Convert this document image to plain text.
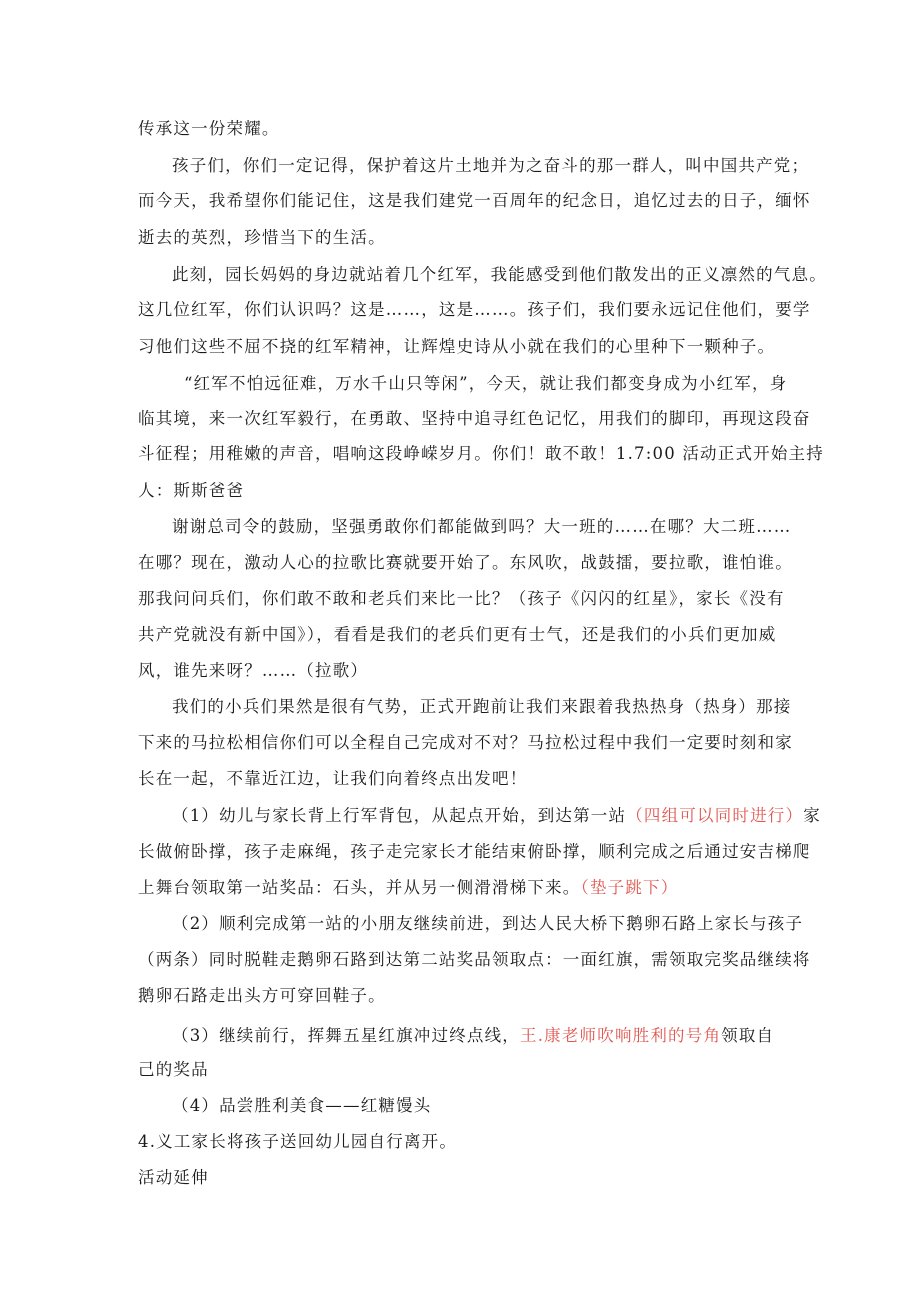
传承这一份荣耀。
孩子们，你们一定记得，保护着这片土地并为之奋斗的那一群人，叫中国共产党；
而今天，我希望你们能记住，这是我们建党一百周年的纪念日，追忆过去的日子，缅怀
逝去的英烈，珍惜当下的生活。
此刻，园长妈妈的身边就站着几个红军，我能感受到他们散发出的正义凛然的气息。
这几位红军，你们认识吗？这是……，这是……。孩子们，我们要永远记住他们，要学
习他们这些不屈不挠的红军精神，让辉煌史诗从小就在我们的心里种下一颗种子。
“红军不怕远征难，万水千山只等闲”，今天，就让我们都变身成为小红军，身
临其境，来一次红军毅行，在勇敢、坚持中追寻红色记忆，用我们的脚印，再现这段奋
斗征程；用稚嫩的声音，唱响这段峥嵘岁月。你们！敢不敢！1.7:00 活动正式开始主持
人：斯斯爸爸
谢谢总司令的鼓励，坚强勇敢你们都能做到吗？大一班的……在哪？大二班……
在哪？现在，激动人心的拉歌比赛就要开始了。东风吹，战鼓擂，要拉歌，谁怕谁。
那我问问兵们，你们敢不敢和老兵们来比一比？（孩子《闪闪的红星》，家长《没有
共产党就没有新中国》），看看是我们的老兵们更有士气，还是我们的小兵们更加威
风，谁先来呀？……（拉歌）
我们的小兵们果然是很有气势，正式开跑前让我们来跟着我热热身（热身）那接
下来的马拉松相信你们可以全程自己完成对不对？马拉松过程中我们一定要时刻和家
长在一起，不靠近江边，让我们向着终点出发吧！
（1）幼儿与家长背上行军背包，从起点开始，到达第一站（四组可以同时进行）家
长做俯卧撑，孩子走麻绳，孩子走完家长才能结束俯卧撑，顺利完成之后通过安吉梯爬
上舞台领取第一站奖品：石头，并从另一侧滑滑梯下来。（垫子跳下）
（2）顺利完成第一站的小朋友继续前进，到达人民大桥下鹅卵石路上家长与孩子
（两条）同时脱鞋走鹅卵石路到达第二站奖品领取点：一面红旗，需领取完奖品继续将
鹅卵石路走出头方可穿回鞋子。
（3）继续前行，挥舞五星红旗冲过终点线，王.康老师吹响胜利的号角领取自
己的奖品
（4）品尝胜利美食——红糖馒头
4.义工家长将孩子送回幼儿园自行离开。
活动延伸
